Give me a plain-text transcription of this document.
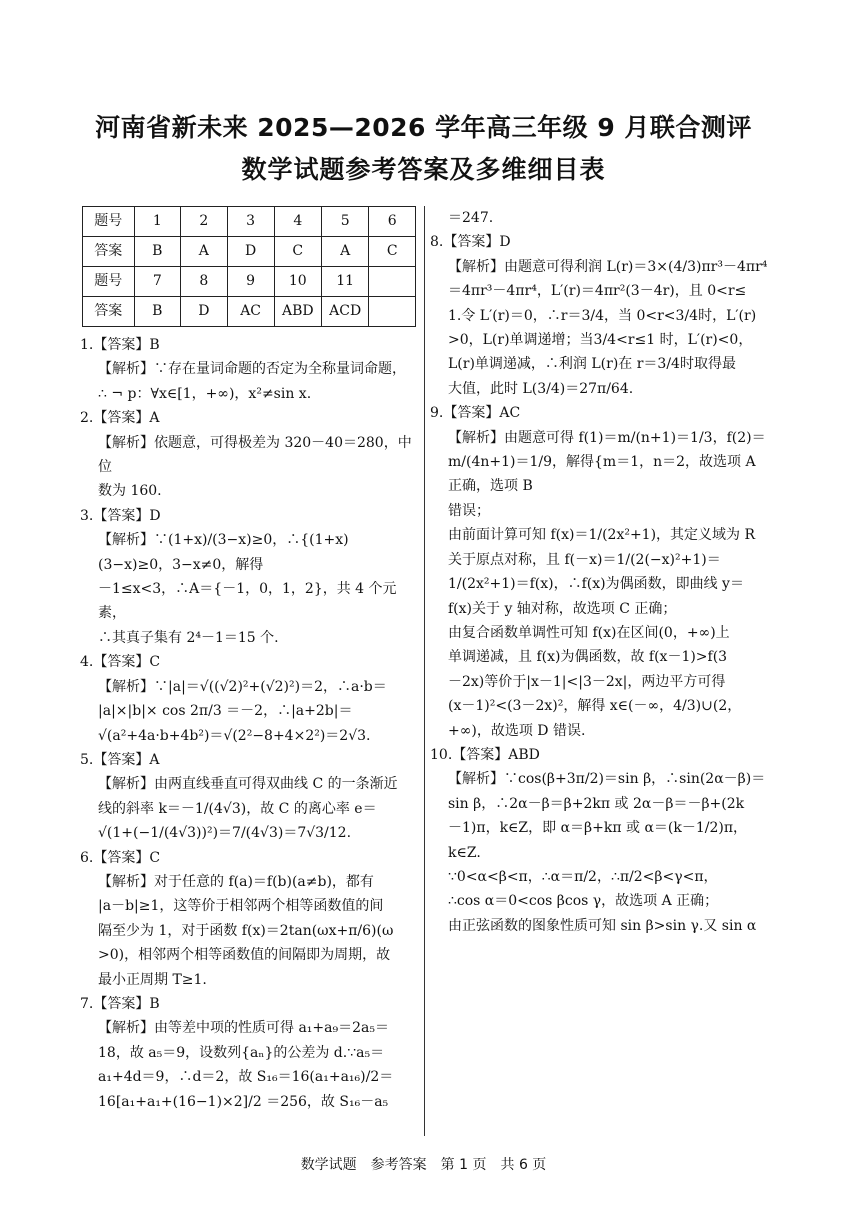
河南省新未来 2025—2026 学年高三年级 9 月联合测评
数学试题参考答案及多维细目表
题号	1	2	3	4	5	6
答案	B	A	D	C	A	C
题号	7	8	9	10	11	
答案	B	D	AC	ABD	ACD	

1.【答案】B

【解析】∵存在量词命题的否定为全称量词命题，

∴ ¬ p：∀x∈[1，+∞)，x²≠sin x.

2.【答案】A

【解析】依题意，可得极差为 320－40＝280，中位

数为 160.

3.【答案】D

【解析】∵(1+x)/(3−x)≥0，∴{(1+x)(3−x)≥0，3−x≠0，解得

－1≤x<3，∴A＝{－1，0，1，2}，共 4 个元素，

∴其真子集有 2⁴－1＝15 个.

4.【答案】C

【解析】∵|a|＝√((√2)²+(√2)²)＝2，∴a·b＝

|a|×|b|× cos 2π/3 ＝－2，∴|a+2b|＝

√(a²+4a·b+4b²)＝√(2²−8+4×2²)＝2√3.

5.【答案】A

【解析】由两直线垂直可得双曲线 C 的一条渐近

线的斜率 k＝－1/(4√3)，故 C 的离心率 e＝

√(1+(−1/(4√3))²)＝7/(4√3)＝7√3/12.

6.【答案】C

【解析】对于任意的 f(a)＝f(b)(a≠b)，都有

|a－b|≥1，这等价于相邻两个相等函数值的间

隔至少为 1，对于函数 f(x)＝2tan(ωx+π/6)(ω

>0)，相邻两个相等函数值的间隔即为周期，故

最小正周期 T≥1.

7.【答案】B

【解析】由等差中项的性质可得 a₁+a₉＝2a₅＝

18，故 a₅＝9，设数列{aₙ}的公差为 d.∵a₅＝

a₁+4d＝9，∴d＝2，故 S₁₆＝16(a₁+a₁₆)/2＝

16[a₁+a₁+(16−1)×2]/2 ＝256，故 S₁₆－a₅

＝247.

8.【答案】D

【解析】由题意可得利润 L(r)＝3×(4/3)πr³－4πr⁴

＝4πr³－4πr⁴，L′(r)＝4πr²(3－4r)，且 0<r≤

1.令 L′(r)＝0，∴r＝3/4，当 0<r<3/4时，L′(r)

>0，L(r)单调递增；当3/4<r≤1 时，L′(r)<0，

L(r)单调递减，∴利润 L(r)在 r＝3/4时取得最

大值，此时 L(3/4)＝27π/64.

9.【答案】AC

【解析】由题意可得 f(1)＝m/(n+1)＝1/3，f(2)＝

m/(4n+1)＝1/9，解得{m＝1，n＝2，故选项 A 正确，选项 B

错误；

由前面计算可知 f(x)＝1/(2x²+1)，其定义域为 R

关于原点对称，且 f(－x)＝1/(2(−x)²+1)＝

1/(2x²+1)＝f(x)，∴f(x)为偶函数，即曲线 y＝

f(x)关于 y 轴对称，故选项 C 正确；

由复合函数单调性可知 f(x)在区间(0，+∞)上

单调递减，且 f(x)为偶函数，故 f(x－1)>f(3

－2x)等价于|x－1|<|3－2x|，两边平方可得

(x－1)²<(3－2x)²，解得 x∈(－∞，4/3)∪(2，

+∞)，故选项 D 错误.

10.【答案】ABD

【解析】∵cos(β+3π/2)＝sin β，∴sin(2α－β)＝

sin β，∴2α－β＝β+2kπ 或 2α－β＝－β+(2k

－1)π，k∈Z，即 α＝β+kπ 或 α＝(k－1/2)π，

k∈Z.

∵0<α<β<π，∴α＝π/2，∴π/2<β<γ<π，

∴cos α＝0<cos βcos γ，故选项 A 正确；

由正弦函数的图象性质可知 sin β>sin γ.又 sin α

数学试题　参考答案　第 1 页　共 6 页
